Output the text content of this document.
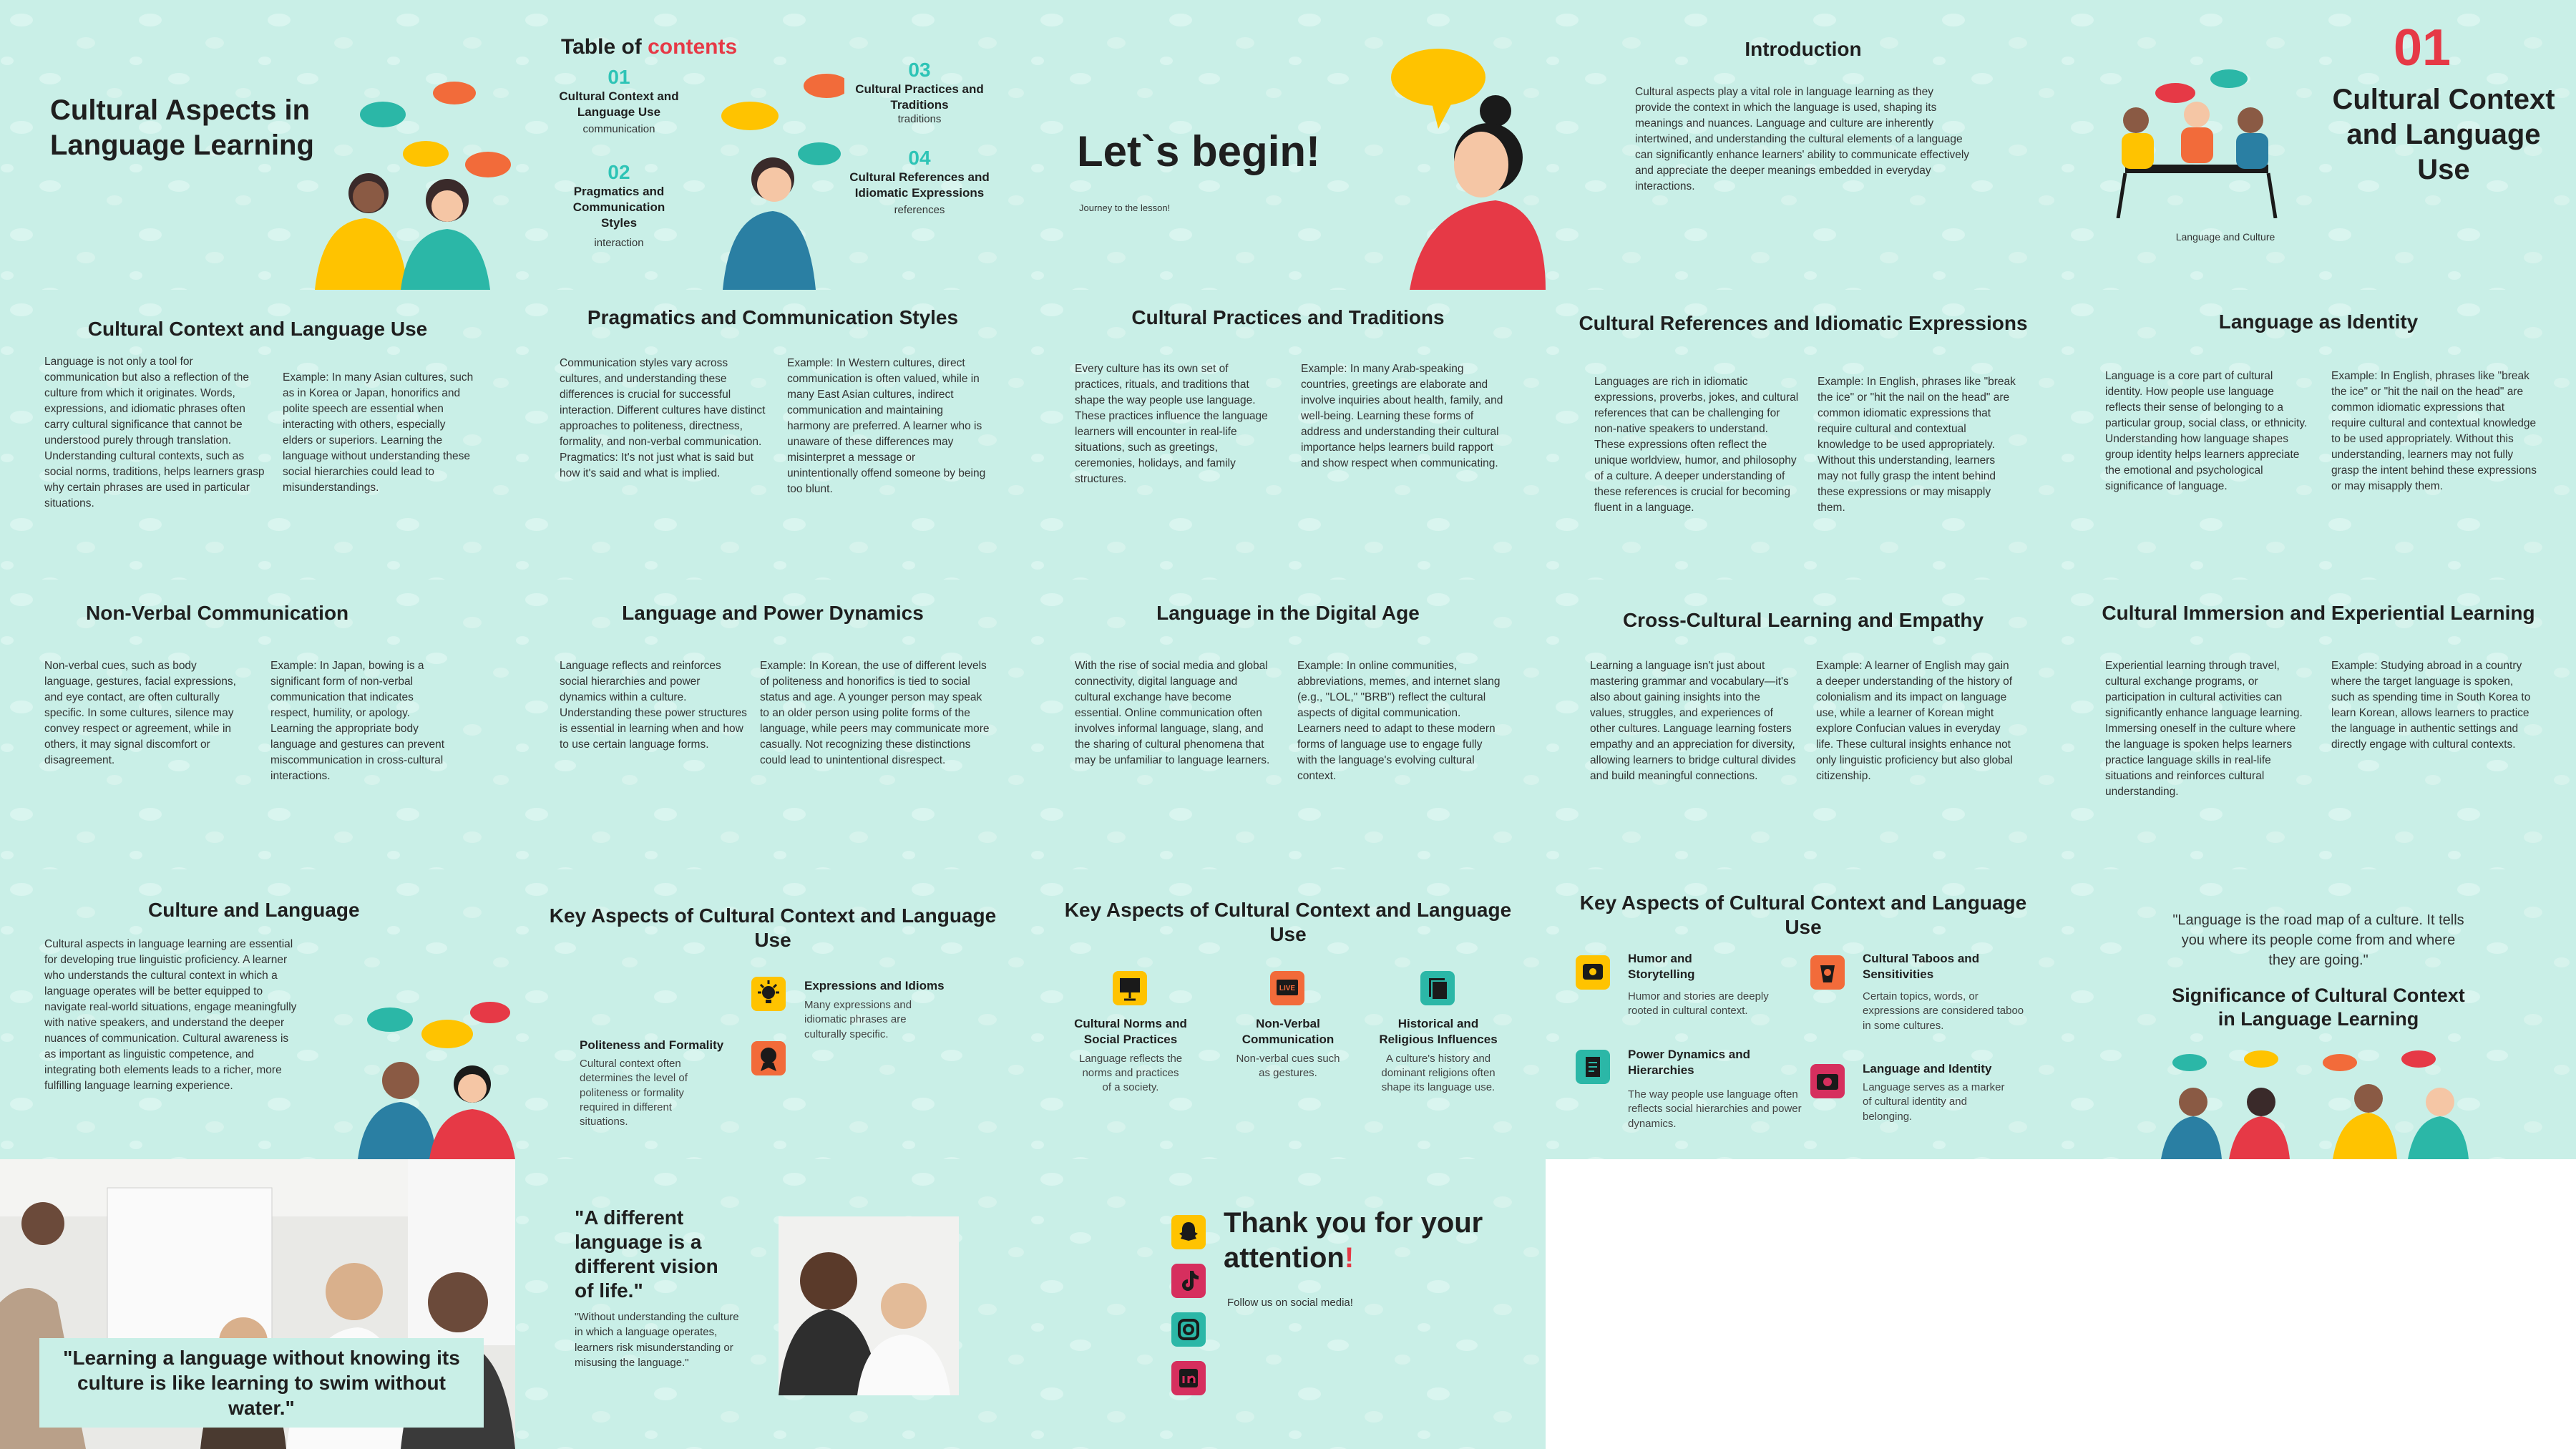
Cultural Aspects in Language Learning
Table of contents
01
Cultural Context and Language Use
communication
02
Pragmatics and Communication Styles
interaction
03
Cultural Practices and Traditions
traditions
04
Cultural References and Idiomatic Expressions
references
Let`s begin!
Journey to the lesson!
Introduction
Cultural aspects play a vital role in language learning as they provide the context in which the language is used, shaping its meanings and nuances. Language and culture are inherently intertwined, and understanding the cultural elements of a language can significantly enhance learners' ability to communicate effectively and appreciate the deeper meanings embedded in everyday interactions.
01
Cultural Context and Language Use
Language and Culture
Cultural Context and Language Use
Language is not only a tool for communication but also a reflection of the culture from which it originates. Words, expressions, and idiomatic phrases often carry cultural significance that cannot be understood purely through translation. Understanding cultural contexts, such as social norms, traditions, helps learners grasp why certain phrases are used in particular situations.
Example: In many Asian cultures, such as in Korea or Japan, honorifics and polite speech are essential when interacting with others, especially elders or superiors. Learning the language without understanding these social hierarchies could lead to misunderstandings.
Pragmatics and Communication Styles
Communication styles vary across cultures, and understanding these differences is crucial for successful interaction. Different cultures have distinct approaches to politeness, directness, formality, and non-verbal communication.
Pragmatics: It's not just what is said but how it's said and what is implied.
Example: In Western cultures, direct communication is often valued, while in many East Asian cultures, indirect communication and maintaining harmony are preferred. A learner who is unaware of these differences may misinterpret a message or unintentionally offend someone by being too blunt.
Cultural Practices and Traditions
Every culture has its own set of practices, rituals, and traditions that shape the way people use language. These practices influence the language learners will encounter in real-life situations, such as greetings, ceremonies, holidays, and family structures.
Example: In many Arab-speaking countries, greetings are elaborate and involve inquiries about health, family, and well-being. Learning these forms of address and understanding their cultural importance helps learners build rapport and show respect when communicating.
Cultural References and Idiomatic Expressions
Languages are rich in idiomatic expressions, proverbs, jokes, and cultural references that can be challenging for non-native speakers to understand. These expressions often reflect the unique worldview, humor, and philosophy of a culture. A deeper understanding of these references is crucial for becoming fluent in a language.
Example: In English, phrases like "break the ice" or "hit the nail on the head" are common idiomatic expressions that require cultural and contextual knowledge to be used appropriately. Without this understanding, learners may not fully grasp the intent behind these expressions or may misapply them.
Language as Identity
Language is a core part of cultural identity. How people use language reflects their sense of belonging to a particular group, social class, or ethnicity. Understanding how language shapes group identity helps learners appreciate the emotional and psychological significance of language.
Example: In English, phrases like "break the ice" or "hit the nail on the head" are common idiomatic expressions that require cultural and contextual knowledge to be used appropriately. Without this understanding, learners may not fully grasp the intent behind these expressions or may misapply them.
Non-Verbal Communication
Non-verbal cues, such as body language, gestures, facial expressions, and eye contact, are often culturally specific. In some cultures, silence may convey respect or agreement, while in others, it may signal discomfort or disagreement.
Example: In Japan, bowing is a significant form of non-verbal communication that indicates respect, humility, or apology. Learning the appropriate body language and gestures can prevent miscommunication in cross-cultural interactions.
Language and Power Dynamics
Language reflects and reinforces social hierarchies and power dynamics within a culture. Understanding these power structures is essential in learning when and how to use certain language forms.
Example: In Korean, the use of different levels of politeness and honorifics is tied to social status and age. A younger person may speak to an older person using polite forms of the language, while peers may communicate more casually. Not recognizing these distinctions could lead to unintentional disrespect.
Language in the Digital Age
With the rise of social media and global connectivity, digital language and cultural exchange have become essential. Online communication often involves informal language, slang, and the sharing of cultural phenomena that may be unfamiliar to language learners.
Example: In online communities, abbreviations, memes, and internet slang (e.g., "LOL," "BRB") reflect the cultural aspects of digital communication. Learners need to adapt to these modern forms of language use to engage fully with the language's evolving cultural context.
Cross-Cultural Learning and Empathy
Learning a language isn't just about mastering grammar and vocabulary—it's also about gaining insights into the values, struggles, and experiences of other cultures. Language learning fosters empathy and an appreciation for diversity, allowing learners to bridge cultural divides and build meaningful connections.
Example: A learner of English may gain a deeper understanding of the history of colonialism and its impact on language use, while a learner of Korean might explore Confucian values in everyday life. These cultural insights enhance not only linguistic proficiency but also global citizenship.
Cultural Immersion and Experiential Learning
Experiential learning through travel, cultural exchange programs, or participation in cultural activities can significantly enhance language learning. Immersing oneself in the culture where the language is spoken helps learners practice language skills in real-life situations and reinforces cultural understanding.
Example: Studying abroad in a country where the target language is spoken, such as spending time in South Korea to learn Korean, allows learners to practice the language in authentic settings and directly engage with cultural contexts.
Culture and Language
Cultural aspects in language learning are essential for developing true linguistic proficiency. A learner who understands the cultural context in which a language operates will be better equipped to navigate real-world situations, engage meaningfully with native speakers, and understand the deeper nuances of communication. Cultural awareness is as important as linguistic competence, and integrating both elements leads to a richer, more fulfilling language learning experience.
Key Aspects of Cultural Context and Language Use
Expressions and Idioms
Many expressions and idiomatic phrases are culturally specific.
Politeness and Formality
Cultural context often determines the level of politeness or formality required in different situations.
Key Aspects of Cultural Context and Language Use
LIVE
Cultural Norms and Social Practices
Language reflects the norms and practices of a society.
Non-Verbal Communication
Non-verbal cues such as gestures.
Historical and Religious Influences
A culture's history and dominant religions often shape its language use.
Key Aspects of Cultural Context and Language Use
Humor and Storytelling
Humor and stories are deeply rooted in cultural context.
Cultural Taboos and Sensitivities
Certain topics, words, or expressions are considered taboo in some cultures.
Power Dynamics and Hierarchies
The way people use language often reflects social hierarchies and power dynamics.
Language and Identity
Language serves as a marker of cultural identity and belonging.
"Language is the road map of a culture. It tells you where its people come from and where they are going."
Significance of Cultural Context in Language Learning
"Learning a language without knowing its culture is like learning to swim without water."
"A different language is a different vision of life."
"Without understanding the culture in which a language operates, learners risk misunderstanding or misusing the language."
Thank you for your attention!
Follow us on social media!
